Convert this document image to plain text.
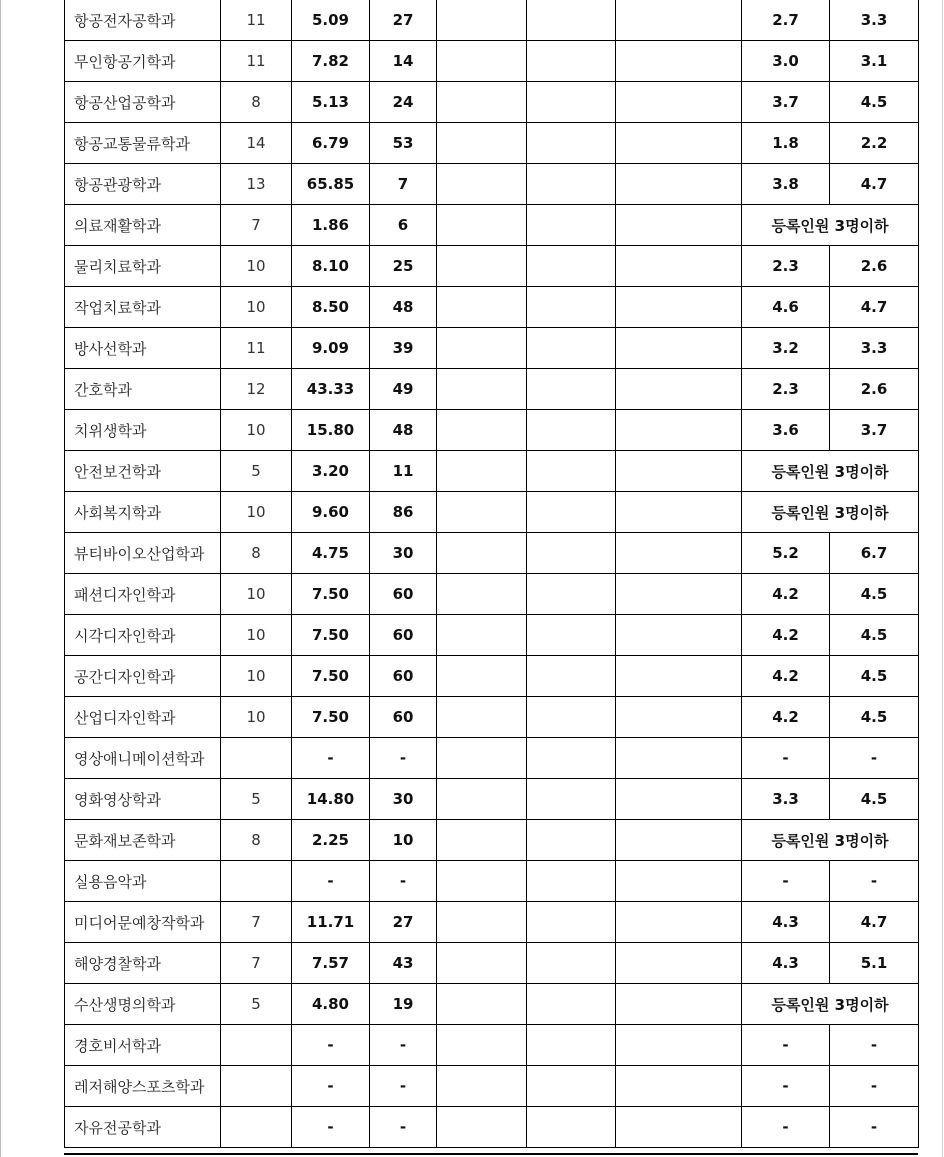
항공전자공학과	11	5.09	27				2.7	3.3
무인항공기학과	11	7.82	14				3.0	3.1
항공산업공학과	8	5.13	24				3.7	4.5
항공교통물류학과	14	6.79	53				1.8	2.2
항공관광학과	13	65.85	7				3.8	4.7
의료재활학과	7	1.86	6				등록인원 3명이하	
물리치료학과	10	8.10	25				2.3	2.6
작업치료학과	10	8.50	48				4.6	4.7
방사선학과	11	9.09	39				3.2	3.3
간호학과	12	43.33	49				2.3	2.6
치위생학과	10	15.80	48				3.6	3.7
안전보건학과	5	3.20	11				등록인원 3명이하	
사회복지학과	10	9.60	86				등록인원 3명이하	
뷰티바이오산업학과	8	4.75	30				5.2	6.7
패션디자인학과	10	7.50	60				4.2	4.5
시각디자인학과	10	7.50	60				4.2	4.5
공간디자인학과	10	7.50	60				4.2	4.5
산업디자인학과	10	7.50	60				4.2	4.5
영상애니메이션학과		-	-				-	-
영화영상학과	5	14.80	30				3.3	4.5
문화재보존학과	8	2.25	10				등록인원 3명이하	
실용음악과		-	-				-	-
미디어문예창작학과	7	11.71	27				4.3	4.7
해양경찰학과	7	7.57	43				4.3	5.1
수산생명의학과	5	4.80	19				등록인원 3명이하	
경호비서학과		-	-				-	-
레저해양스포츠학과		-	-				-	-
자유전공학과		-	-				-	-
